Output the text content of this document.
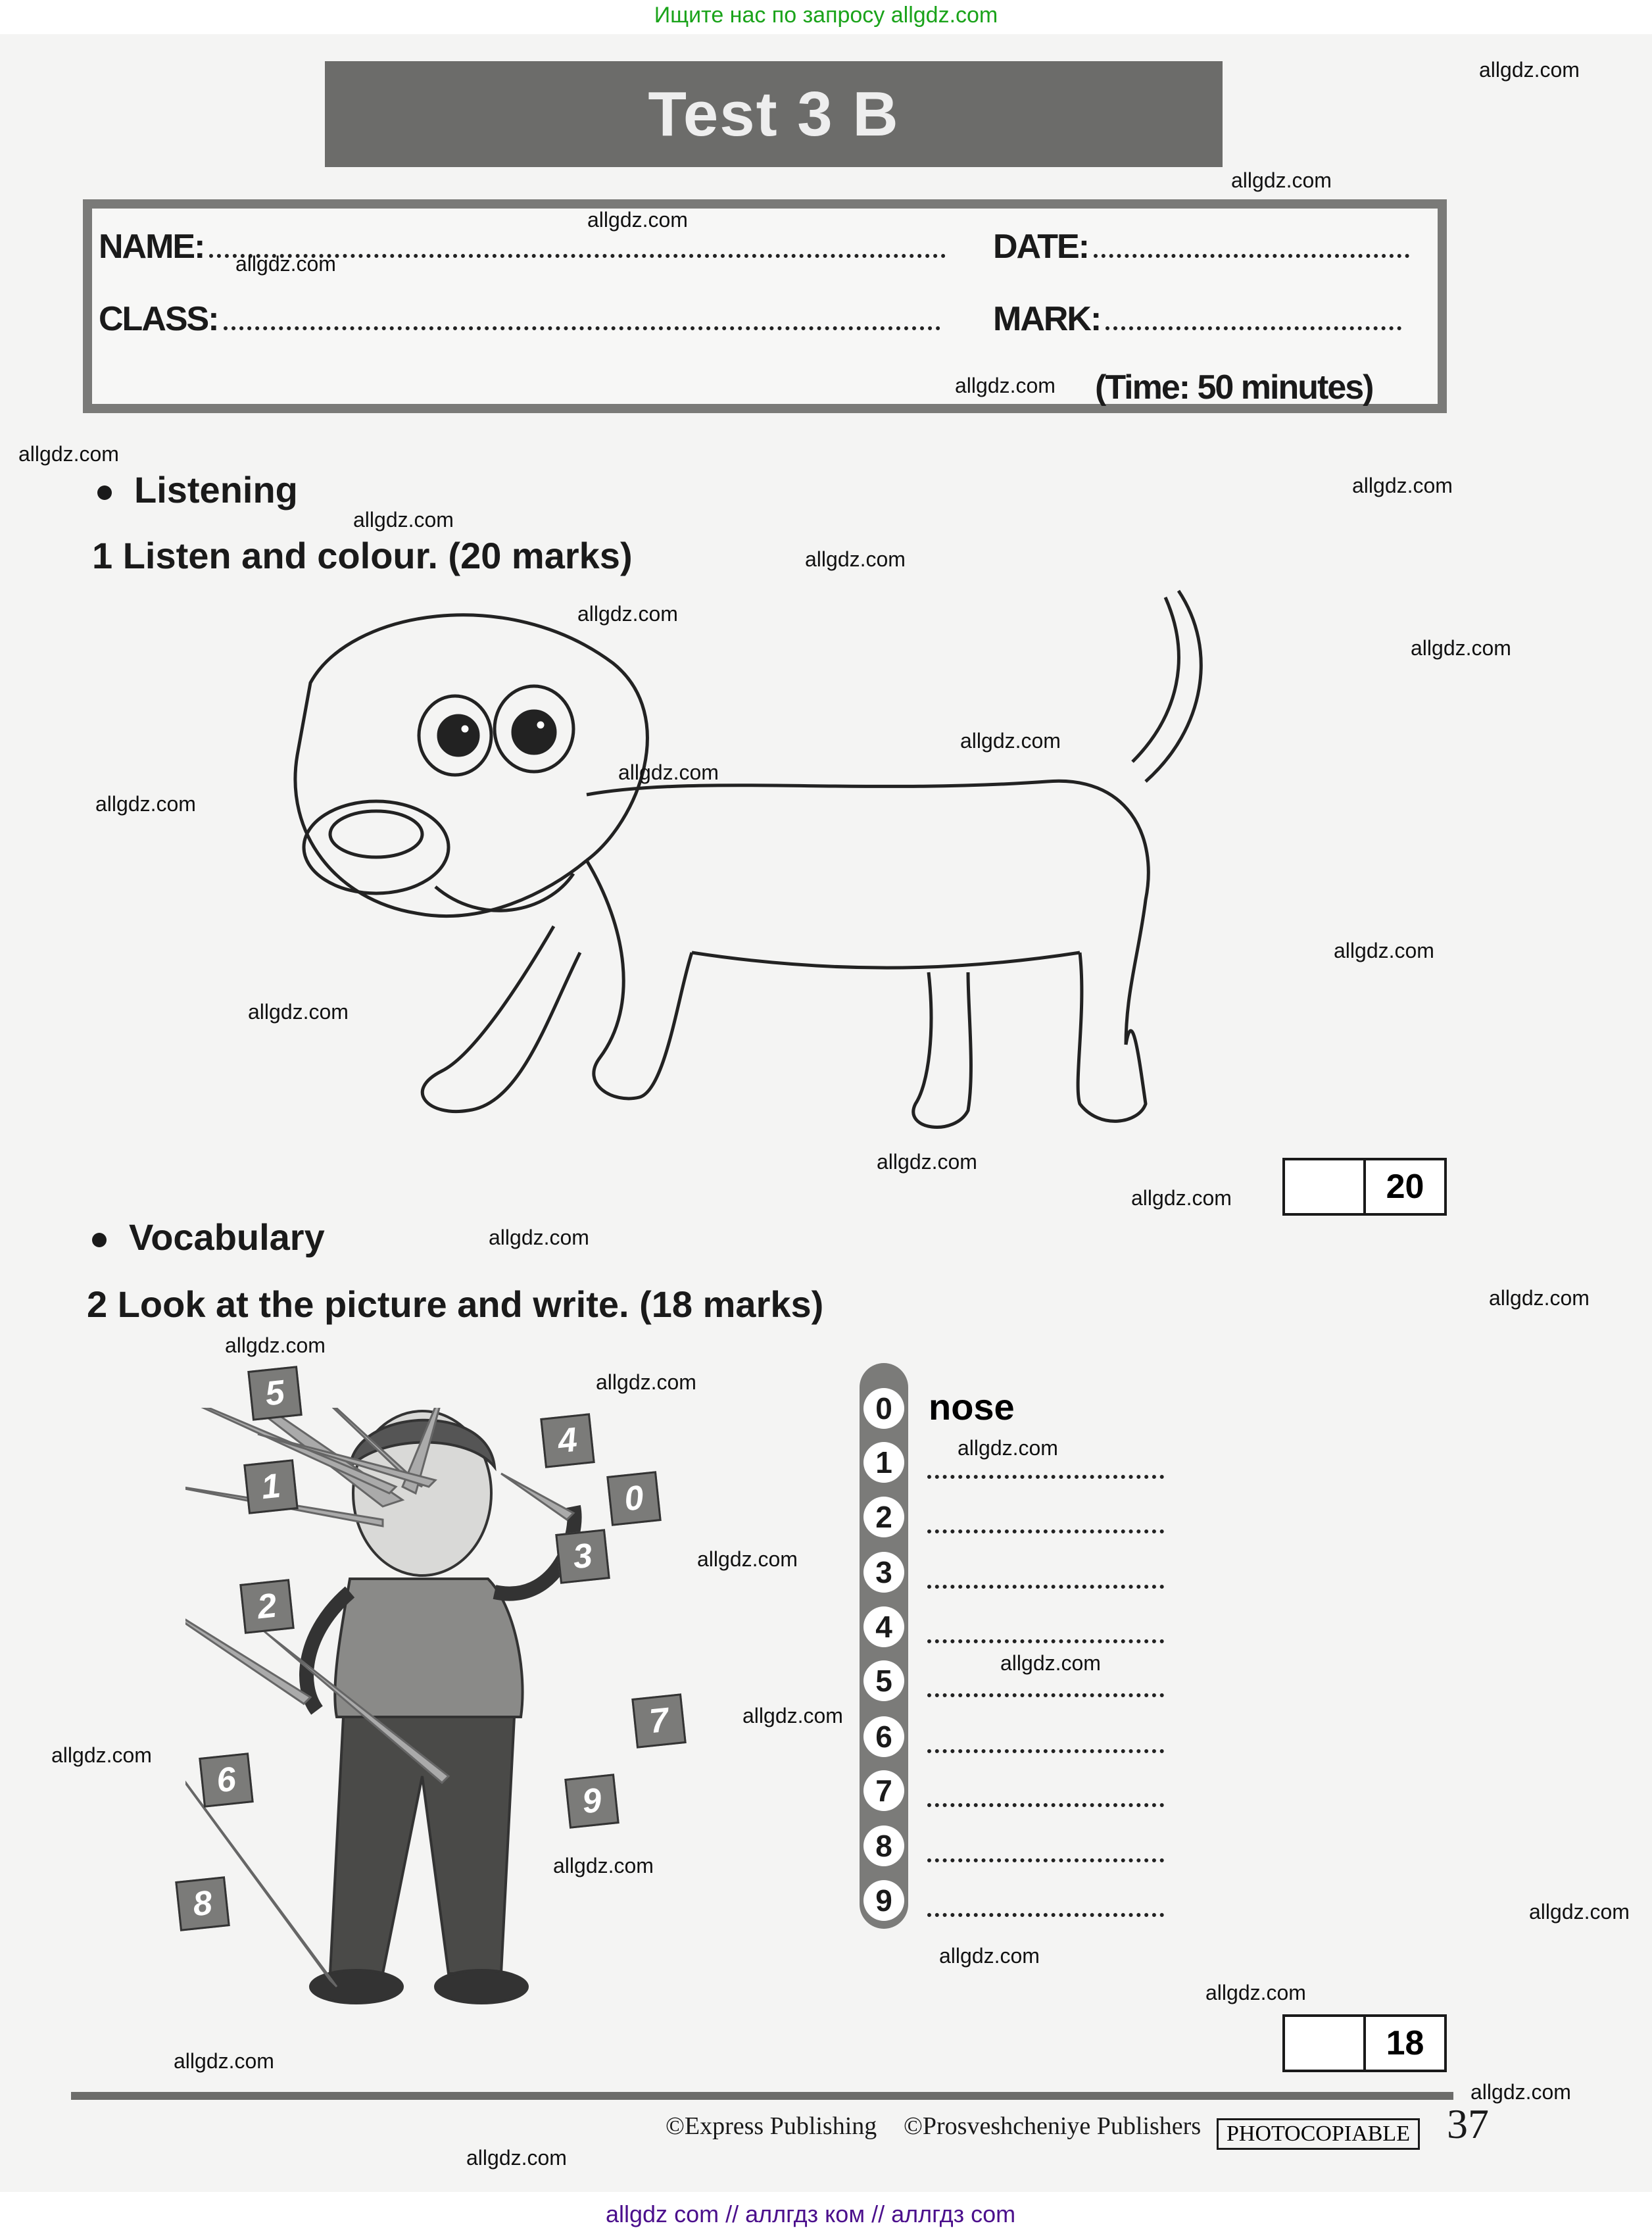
Ищите нас по запросу allgdz.com
Test 3 B
NAME:	DATE:
CLASS:	MARK:
(Time: 50 minutes)
Listening
1 Listen and colour. (20 marks)
20
Vocabulary
2 Look at the picture and write. (18 marks)
5
4
1	0
3
2
7
6
9
8
0 nose
1
2
3
4
5
6
7
8
9
18
©Express Publishing ©Prosveshcheniye Publishers	PHOTOCOPIABLE 37
allgdz com // аллгдз ком // аллгдз com
allgdz.com
allgdz.com
allgdz.com
allgdz.com
allgdz.com
allgdz.com
allgdz.com
allgdz.com
allgdz.com
allgdz.com
allgdz.com
allgdz.com
allgdz.com
allgdz.com
allgdz.com
allgdz.com
allgdz.com
allgdz.com
allgdz.com
allgdz.com
allgdz.com
allgdz.com
allgdz.com
allgdz.com
allgdz.com
allgdz.com
allgdz.com
allgdz.com
allgdz.com
allgdz.com
allgdz.com
allgdz.com
allgdz.com
allgdz.com
